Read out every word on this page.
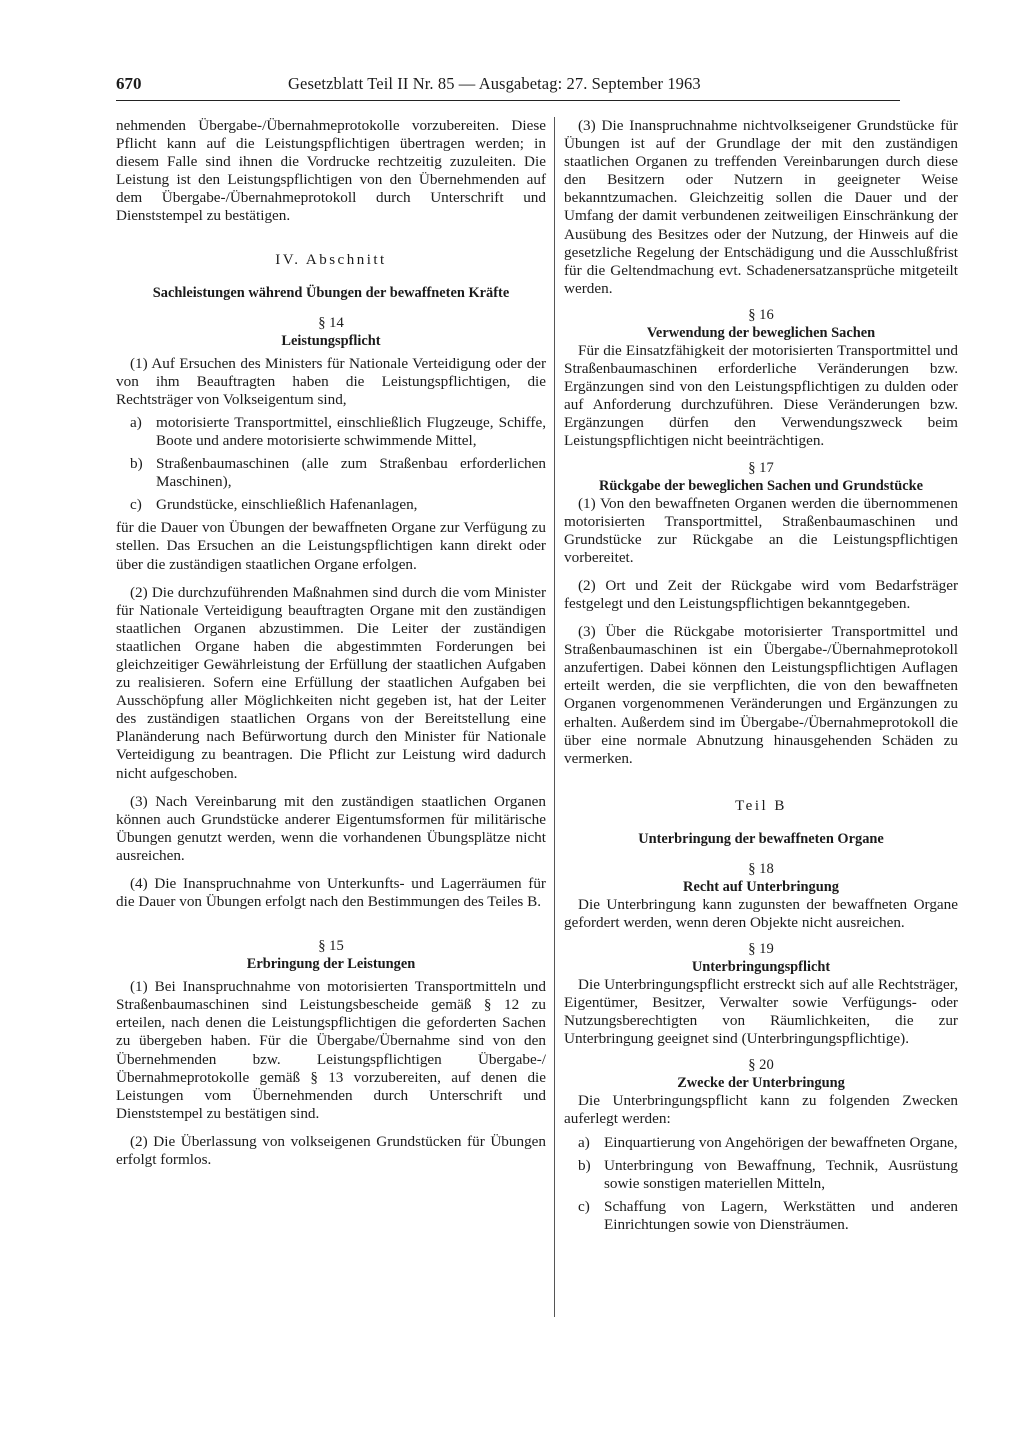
670	Gesetzblatt Teil II Nr. 85 — Ausgabetag: 27. September 1963

nehmenden Übergabe-/Übernahmeprotokolle vorzubereiten. Diese Pflicht kann auf die Leistungspflichtigen übertragen werden; in diesem Falle sind ihnen die Vordrucke rechtzeitig zuzuleiten. Die Leistung ist den Leistungspflichtigen von den Übernehmenden auf dem Übergabe-/Übernahmeprotokoll durch Unterschrift und Dienststempel zu bestätigen.

IV. Abschnitt

Sachleistungen während Übungen der bewaffneten Kräfte

§ 14

Leistungspflicht

(1) Auf Ersuchen des Ministers für Nationale Verteidigung oder der von ihm Beauftragten haben die Leistungspflichtigen, die Rechtsträger von Volkseigentum sind,

a) motorisierte Transportmittel, einschließlich Flugzeuge, Schiffe, Boote und andere motorisierte schwimmende Mittel,
b) Straßenbaumaschinen (alle zum Straßenbau erforderlichen Maschinen),
c) Grundstücke, einschließlich Hafenanlagen,

für die Dauer von Übungen der bewaffneten Organe zur Verfügung zu stellen. Das Ersuchen an die Leistungspflichtigen kann direkt oder über die zuständigen staatlichen Organe erfolgen.

(2) Die durchzuführenden Maßnahmen sind durch die vom Minister für Nationale Verteidigung beauftragten Organe mit den zuständigen staatlichen Organen abzustimmen. Die Leiter der zuständigen staatlichen Organe haben die abgestimmten Forderungen bei gleichzeitiger Gewährleistung der Erfüllung der staatlichen Aufgaben zu realisieren. Sofern eine Erfüllung der staatlichen Aufgaben bei Ausschöpfung aller Möglichkeiten nicht gegeben ist, hat der Leiter des zuständigen staatlichen Organs von der Bereitstellung eine Planänderung nach Befürwortung durch den Minister für Nationale Verteidigung zu beantragen. Die Pflicht zur Leistung wird dadurch nicht aufgeschoben.

(3) Nach Vereinbarung mit den zuständigen staatlichen Organen können auch Grundstücke anderer Eigentumsformen für militärische Übungen genutzt werden, wenn die vorhandenen Übungsplätze nicht ausreichen.

(4) Die Inanspruchnahme von Unterkunfts- und Lagerräumen für die Dauer von Übungen erfolgt nach den Bestimmungen des Teiles B.

§ 15

Erbringung der Leistungen

(1) Bei Inanspruchnahme von motorisierten Transportmitteln und Straßenbaumaschinen sind Leistungsbescheide gemäß § 12 zu erteilen, nach denen die Leistungspflichtigen die geforderten Sachen zu übergeben haben. Für die Übergabe/Übernahme sind von den Übernehmenden bzw. Leistungspflichtigen Übergabe-/Übernahmeprotokolle gemäß § 13 vorzubereiten, auf denen die Leistungen vom Übernehmenden durch Unterschrift und Dienststempel zu bestätigen sind.

(2) Die Überlassung von volkseigenen Grundstücken für Übungen erfolgt formlos.

(3) Die Inanspruchnahme nichtvolkseigener Grundstücke für Übungen ist auf der Grundlage der mit den zuständigen staatlichen Organen zu treffenden Vereinbarungen durch diese den Besitzern oder Nutzern in geeigneter Weise bekanntzumachen. Gleichzeitig sollen die Dauer und der Umfang der damit verbundenen zeitweiligen Einschränkung der Ausübung des Besitzes oder der Nutzung, der Hinweis auf die gesetzliche Regelung der Entschädigung und die Ausschlußfrist für die Geltendmachung evt. Schadenersatzansprüche mitgeteilt werden.

§ 16

Verwendung der beweglichen Sachen

Für die Einsatzfähigkeit der motorisierten Transportmittel und Straßenbaumaschinen erforderliche Veränderungen bzw. Ergänzungen sind von den Leistungspflichtigen zu dulden oder auf Anforderung durchzuführen. Diese Veränderungen bzw. Ergänzungen dürfen den Verwendungszweck beim Leistungspflichtigen nicht beeinträchtigen.

§ 17

Rückgabe der beweglichen Sachen und Grundstücke

(1) Von den bewaffneten Organen werden die übernommenen motorisierten Transportmittel, Straßenbaumaschinen und Grundstücke zur Rückgabe an die Leistungspflichtigen vorbereitet.

(2) Ort und Zeit der Rückgabe wird vom Bedarfsträger festgelegt und den Leistungspflichtigen bekanntgegeben.

(3) Über die Rückgabe motorisierter Transportmittel und Straßenbaumaschinen ist ein Übergabe-/Übernahmeprotokoll anzufertigen. Dabei können den Leistungspflichtigen Auflagen erteilt werden, die sie verpflichten, die von den bewaffneten Organen vorgenommenen Veränderungen und Ergänzungen zu erhalten. Außerdem sind im Übergabe-/Übernahmeprotokoll die über eine normale Abnutzung hinausgehenden Schäden zu vermerken.

Teil B

Unterbringung der bewaffneten Organe

§ 18

Recht auf Unterbringung

Die Unterbringung kann zugunsten der bewaffneten Organe gefordert werden, wenn deren Objekte nicht ausreichen.

§ 19

Unterbringungspflicht

Die Unterbringungspflicht erstreckt sich auf alle Rechtsträger, Eigentümer, Besitzer, Verwalter sowie Verfügungs- oder Nutzungsberechtigten von Räumlichkeiten, die zur Unterbringung geeignet sind (Unterbringungspflichtige).

§ 20

Zwecke der Unterbringung

Die Unterbringungspflicht kann zu folgenden Zwecken auferlegt werden:

a) Einquartierung von Angehörigen der bewaffneten Organe,
b) Unterbringung von Bewaffnung, Technik, Ausrüstung sowie sonstigen materiellen Mitteln,
c) Schaffung von Lagern, Werkstätten und anderen Einrichtungen sowie von Diensträumen.
